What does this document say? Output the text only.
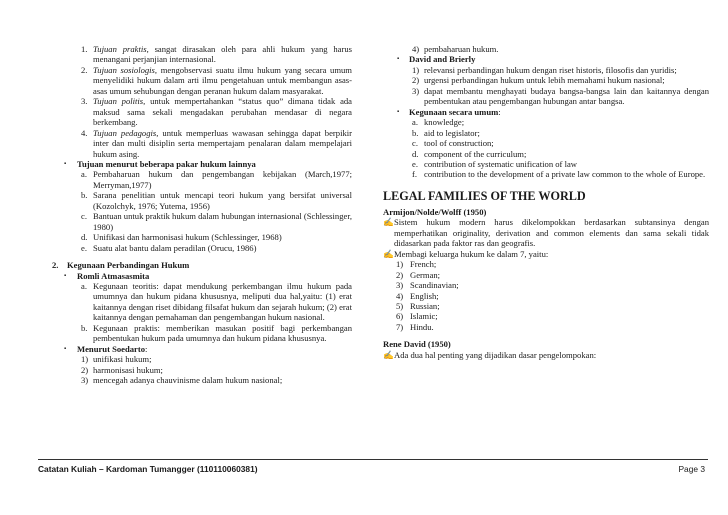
1. Tujuan praktis, sangat dirasakan oleh para ahli hukum yang harus menangani perjanjian internasional.
2. Tujuan sosiologis, mengobservasi suatu ilmu hukum yang secara umum menyelidiki hukum dalam arti ilmu pengetahuan untuk membangun asas-asas umum sehubungan dengan peranan hukum dalam masyarakat.
3. Tujuan politis, untuk mempertahankan “status quo” dimana tidak ada maksud sama sekali mengadakan perubahan mendasar di negara berkembang.
4. Tujuan pedagogis, untuk memperluas wawasan sehingga dapat berpikir inter dan multi disiplin serta mempertajam penalaran dalam mempelajari hukum asing.
▪	Tujuan menurut beberapa pakar hukum lainnya
a. Pembaharuan hukum dan pengembangan kebijakan (March,1977; Merryman,1977)
b. Sarana penelitian untuk mencapi teori hukum yang bersifat universal (Kozolchyk, 1976; Yutema, 1956)
c. Bantuan untuk praktik hukum dalam hubungan internasional (Schlessinger, 1980)
d. Unifikasi dan harmonisasi hukum (Schlessinger, 1968)
e. Suatu alat bantu dalam peradilan (Orucu, 1986)
2. Kegunaan Perbandingan Hukum
▪	Romli Atmasasmita
a. Kegunaan teoritis: dapat mendukung perkembangan ilmu hukum pada umumnya dan hukum pidana khususnya, meliputi dua hal,yaitu: (1) erat kaitannya dengan riset dibidang filsafat hukum dan sejarah hukum; (2) erat kaitannya dengan pemahaman dan pengembangan hukum nasional.
b. Kegunaan praktis: memberikan masukan positif bagi perkembangan pembentukan hukum pada umumnya dan hukum pidana khususnya.
▪	Menurut Soedarto:
1) unifikasi hukum;
2) harmonisasi hukum;
3) mencegah adanya chauvinisme dalam hukum nasional;
4) pembaharuan hukum.
▪	David and Brierly
1) relevansi perbandingan hukum dengan riset historis, filosofis dan yuridis;
2) urgensi perbandingan hukum untuk lebih memahami hukum nasional;
3) dapat membantu menghayati budaya bangsa-bangsa lain dan kaitannya dengan pembentukan atau pengembangan hubungan antar bangsa.
▪	Kegunaan secara umum:
a. knowledge;
b. aid to legislator;
c. tool of construction;
d. component of the curriculum;
e. contribution of systematic unification of law
f. contribution to the development of a private law common to the whole of Europe.
LEGAL FAMILIES OF THE WORLD
Armijon/Nolde/Wolff (1950)
✍ Sistem hukum modern harus dikelompokkan berdasarkan subtansinya dengan memperhatikan originality, derivation and common elements dan sama sekali tidak didasarkan pada faktor ras dan geografis.
✍ Membagi keluarga hukum ke dalam 7, yaitu:
1) French;
2) German;
3) Scandinavian;
4) English;
5) Russian;
6) Islamic;
7) Hindu.
Rene David (1950)
✍ Ada dua hal penting yang dijadikan dasar pengelompokan:
Catatan Kuliah – Kardoman Tumangger (110110060381)	Page 3
